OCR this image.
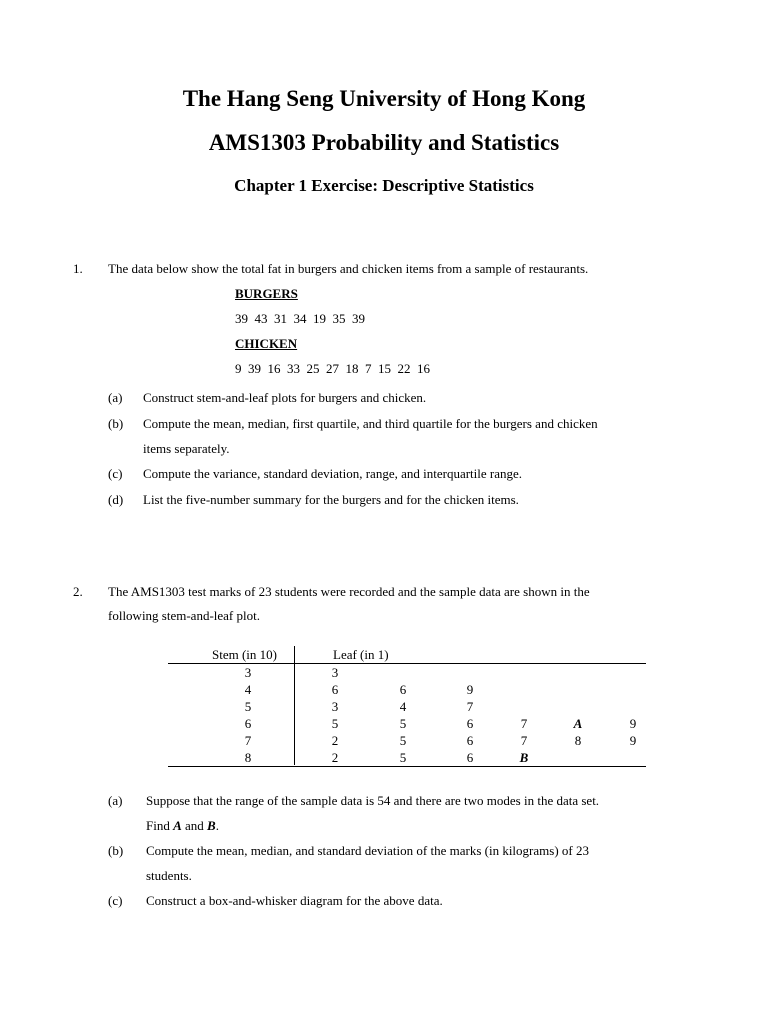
The Hang Seng University of Hong Kong
AMS1303 Probability and Statistics
Chapter 1 Exercise: Descriptive Statistics
1. The data below show the total fat in burgers and chicken items from a sample of restaurants.
BURGERS
39  43  31  34  19  35  39
CHICKEN
9  39  16  33  25  27  18  7  15  22  16
(a) Construct stem-and-leaf plots for burgers and chicken.
(b) Compute the mean, median, first quartile, and third quartile for the burgers and chicken
items separately.
(c) Compute the variance, standard deviation, range, and interquartile range.
(d) List the five-number summary for the burgers and for the chicken items.
2. The AMS1303 test marks of 23 students were recorded and the sample data are shown in the
following stem-and-leaf plot.
Stem (in 10)	Leaf (in 1)
3	3
4	6	6	9
5	3	4	7
6	5	5	6	7	A	9
7	2	5	6	7	8	9
8	2	5	6	B
(a) Suppose that the range of the sample data is 54 and there are two modes in the data set.
Find A and B.
(b) Compute the mean, median, and standard deviation of the marks (in kilograms) of 23
students.
(c) Construct a box-and-whisker diagram for the above data.
